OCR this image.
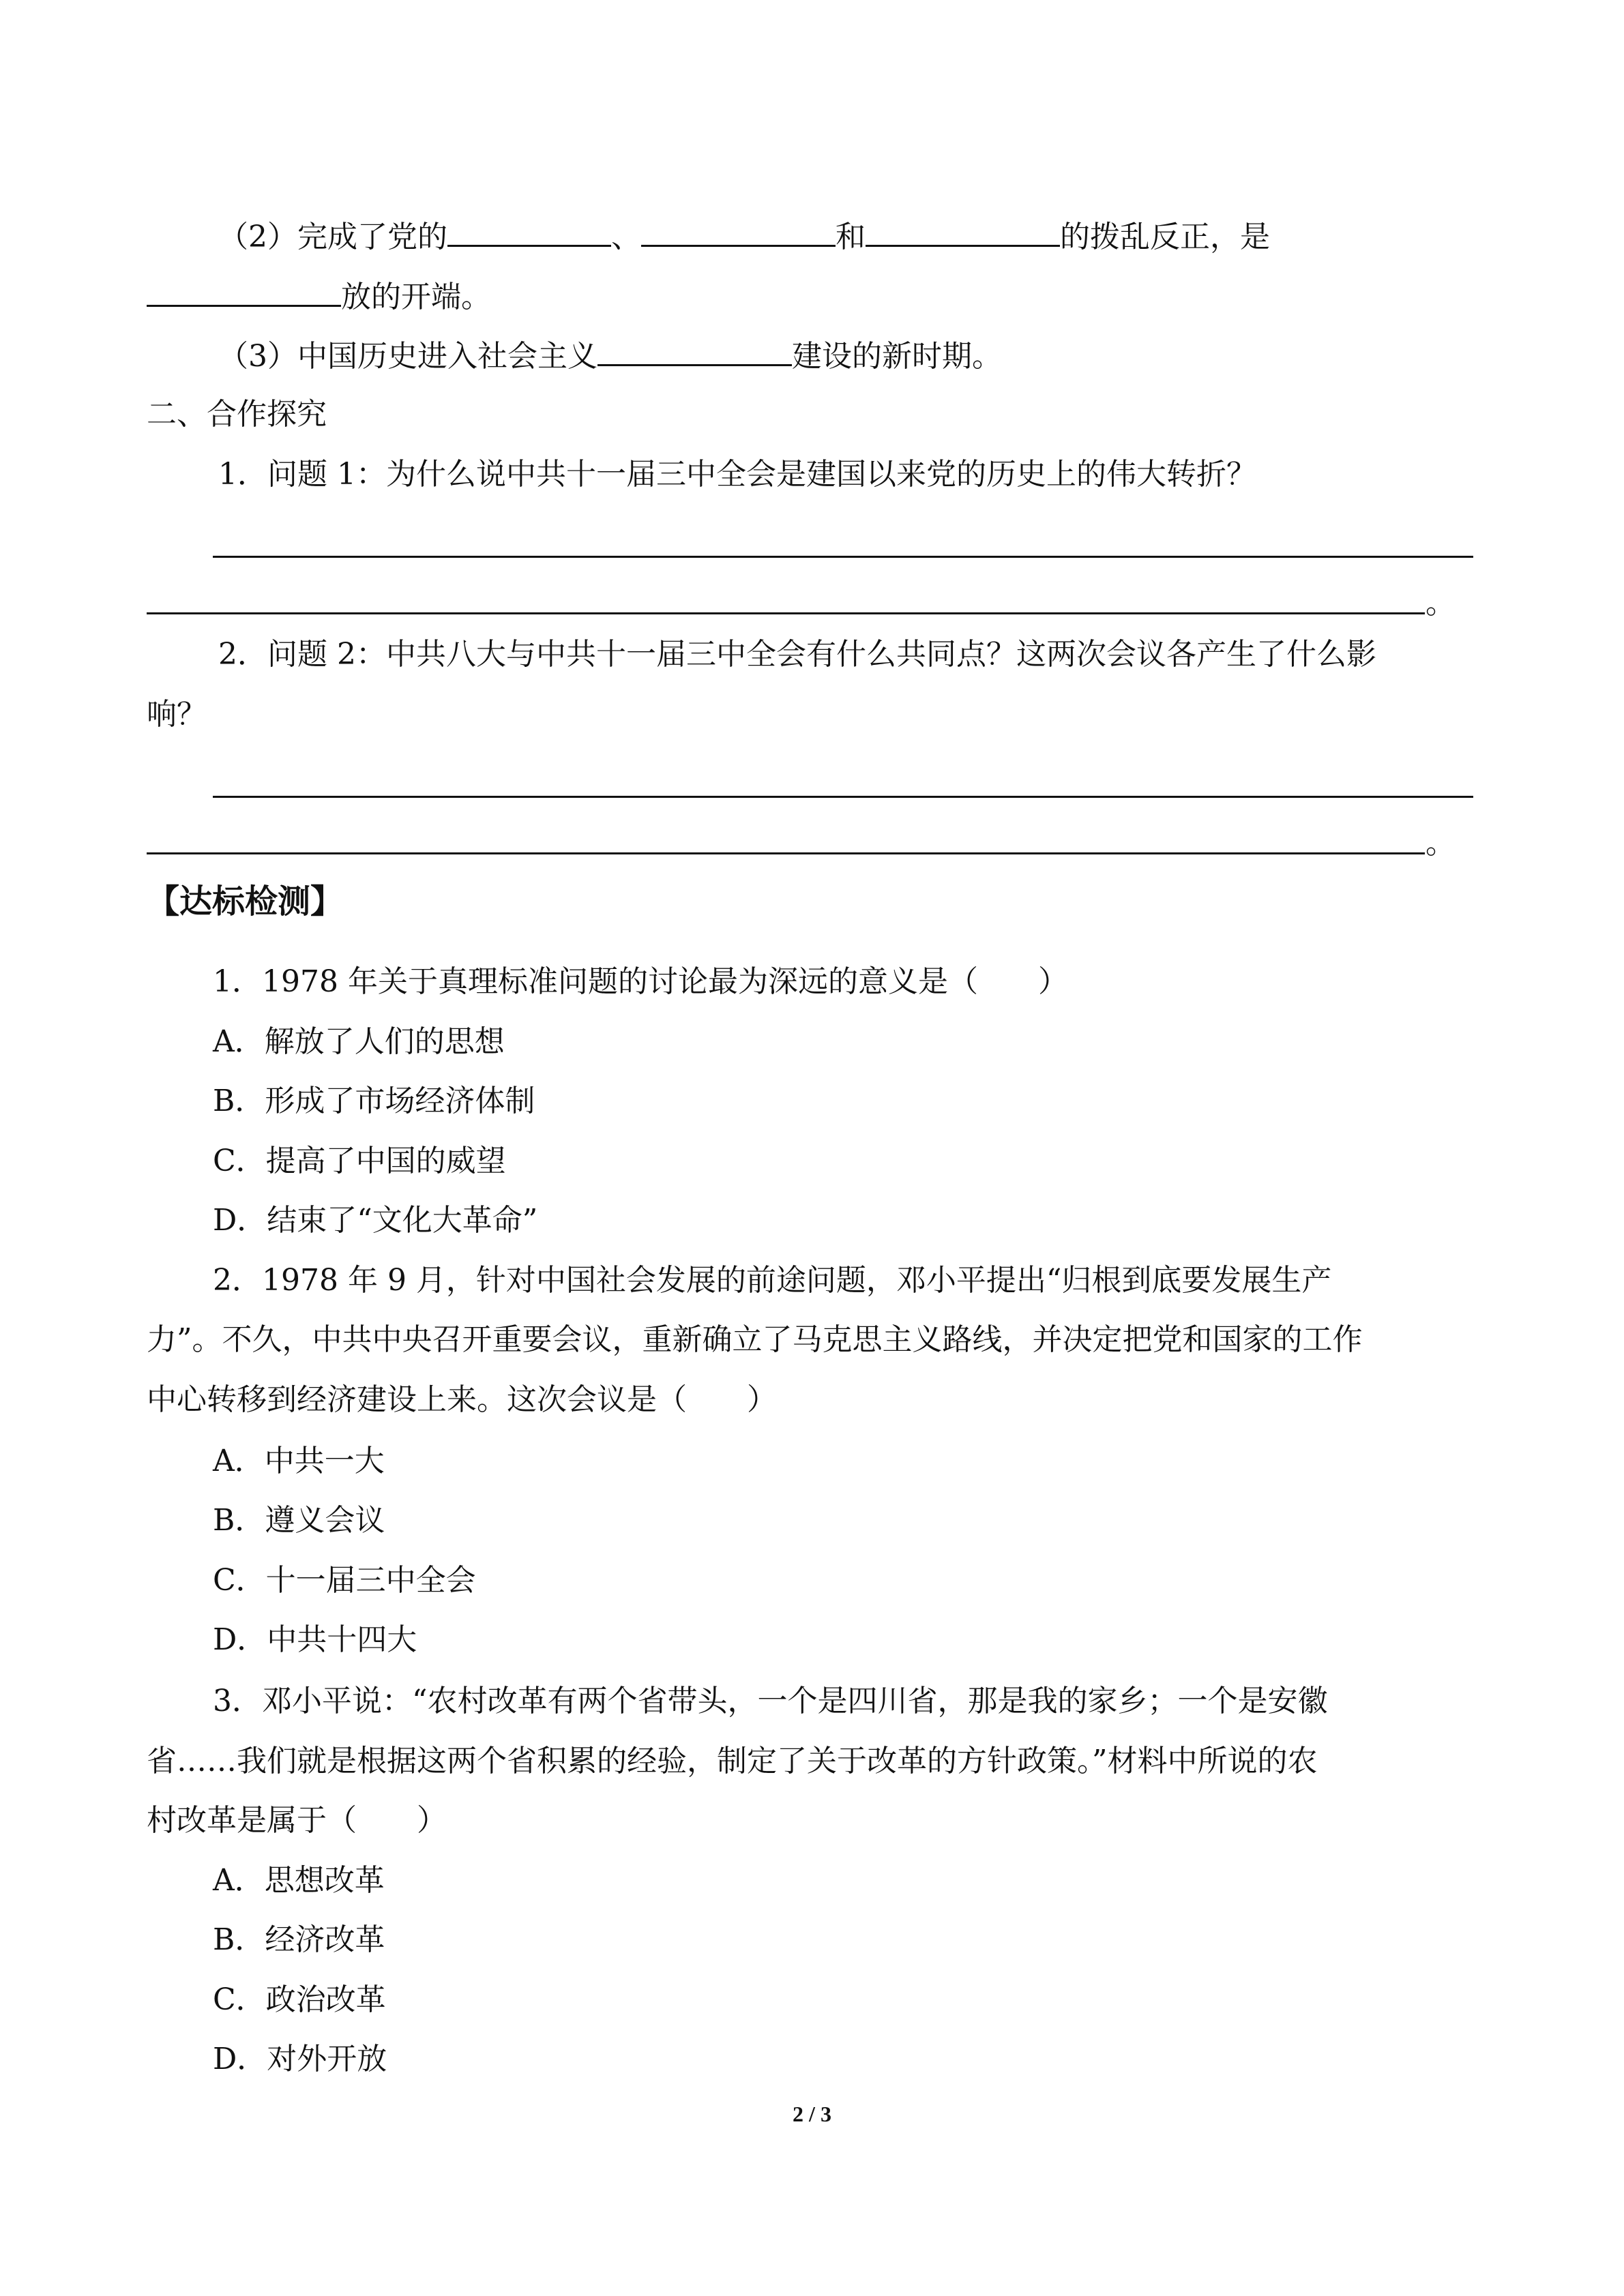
（2）完成了党的	、	和	的拨乱反正，是
放的开端。
（3）中国历史进入社会主义	建设的新时期。
二、合作探究
1．问题 1：为什么说中共十一届三中全会是建国以来党的历史上的伟大转折？
。
2．问题 2：中共八大与中共十一届三中全会有什么共同点？这两次会议各产生了什么影
响？
。
【达标检测】
1．1978 年关于真理标准问题的讨论最为深远的意义是（　　）
A．解放了人们的思想
B．形成了市场经济体制
C．提高了中国的威望
D．结束了“文化大革命”
2．1978 年 9 月，针对中国社会发展的前途问题，邓小平提出“归根到底要发展生产
力”。不久，中共中央召开重要会议，重新确立了马克思主义路线，并决定把党和国家的工作
中心转移到经济建设上来。这次会议是（　　）
A．中共一大
B．遵义会议
C．十一届三中全会
D．中共十四大
3．邓小平说：“农村改革有两个省带头，一个是四川省，那是我的家乡；一个是安徽
省……我们就是根据这两个省积累的经验，制定了关于改革的方针政策。”材料中所说的农
村改革是属于（　　）
A．思想改革
B．经济改革
C．政治改革
D．对外开放
2 / 3
